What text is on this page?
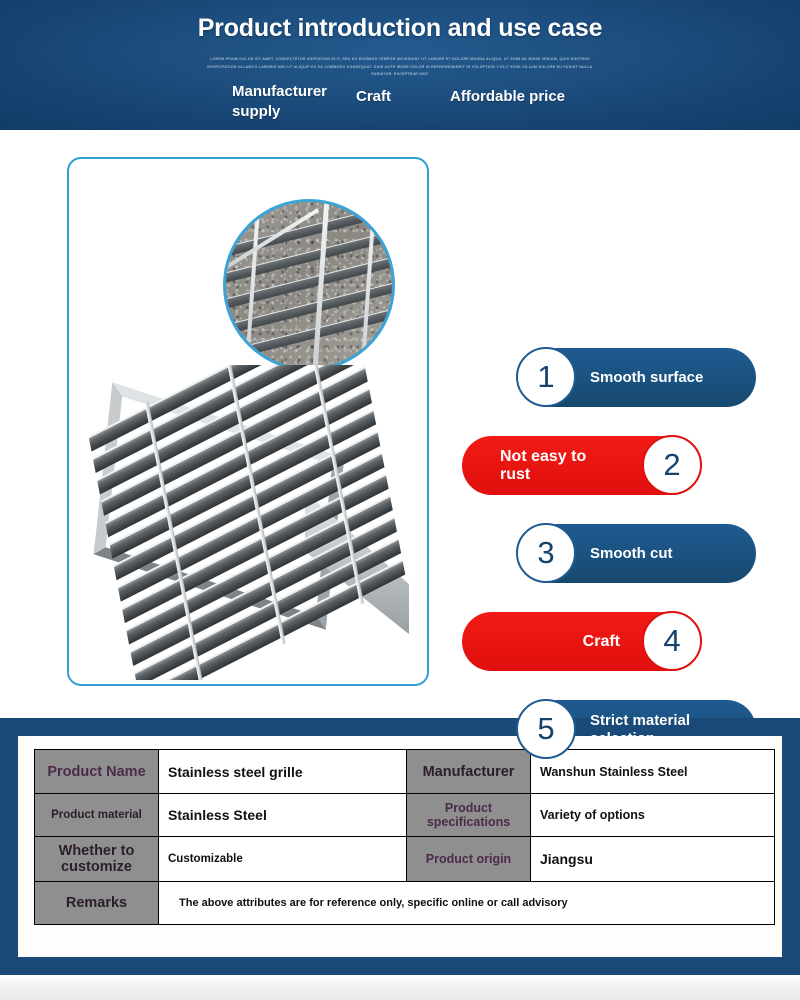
Product introduction and use case
LOREM IPSUM DOLOR SIT AMET, CONSECTETUR ADIPISCING ELIT, SED DO EIUSMOD TEMPOR INCIDIDUNT UT LABORE ET DOLORE MAGNA ALIQUA. UT ENIM AD MINIM VENIAM, QUIS NOSTRUD EXERCITATION ULLAMCO LABORIS NISI UT ALIQUIP EX EA COMMODO CONSEQUAT. DUIS AUTE IRURE DOLOR IN REPREHENDERIT IN VOLUPTATE V ELIT ESSE CILLUM DOLORE EU FUGIAT NULLA PARIATUR. EXCEPTEUR SINT
Manufacturer supply
Craft	Affordable price
1	Smooth surface
Not easy to rust	2
3	Smooth cut
Craft	4
5	Strict material selection
Product Name	Stainless steel grille	Manufacturer	Wanshun Stainless Steel
Product material	Stainless Steel	Product specifications	Variety of options
Whether to customize	Customizable	Product origin	Jiangsu
Remarks	The above attributes are for reference only, specific online or call advisory		
